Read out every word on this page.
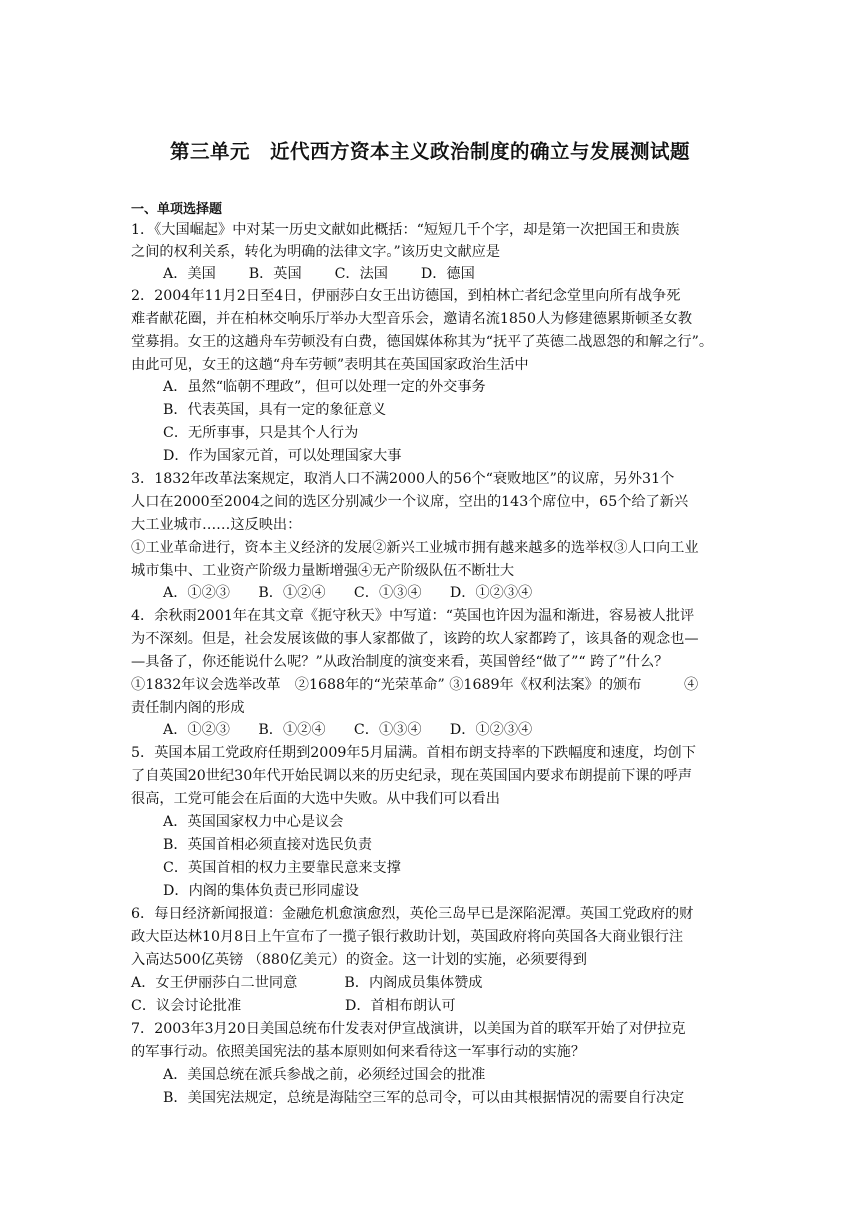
第三单元　近代西方资本主义政治制度的确立与发展测试题
一、单项选择题
1．《大国崛起》中对某一历史文献如此概括：“短短几千个字，却是第一次把国王和贵族
之间的权利关系，转化为明确的法律文字。”该历史文献应是
A．美国　　 B．英国　　 C．法国　　 D．德国
2．2004年11月2日至4日，伊丽莎白女王出访德国，到柏林亡者纪念堂里向所有战争死
难者献花圈，并在柏林交响乐厅举办大型音乐会，邀请名流1850人为修建德累斯顿圣女教
堂募捐。女王的这趟舟车劳顿没有白费，德国媒体称其为“抚平了英德二战恩怨的和解之行”。
由此可见，女王的这趟“舟车劳顿”表明其在英国国家政治生活中
A．虽然“临朝不理政”，但可以处理一定的外交事务
B．代表英国，具有一定的象征意义
C．无所事事，只是其个人行为
D．作为国家元首，可以处理国家大事
3．1832年改革法案规定，取消人口不满2000人的56个“衰败地区”的议席，另外31个
人口在2000至2004之间的选区分别减少一个议席，空出的143个席位中，65个给了新兴
大工业城市……这反映出：
①工业革命进行，资本主义经济的发展②新兴工业城市拥有越来越多的选举权③人口向工业
城市集中、工业资产阶级力量断增强④无产阶级队伍不断壮大
A．①②③　　B．①②④　　C．①③④　　D．①②③④
4．余秋雨2001年在其文章《扼守秋天》中写道：“英国也许因为温和渐进，容易被人批评
为不深刻。但是，社会发展该做的事人家都做了，该跨的坎人家都跨了，该具备的观念也—
—具备了，你还能说什么呢？”从政治制度的演变来看，英国曾经“做了”“ 跨了”什么？
①1832年议会选举改革　②1688年的“光荣革命” ③1689年《权利法案》的颁布　　　④
责任制内阁的形成
A．①②③　　B．①②④　　C．①③④　　D．①②③④
5．英国本届工党政府任期到2009年5月届满。首相布朗支持率的下跌幅度和速度，均创下
了自英国20世纪30年代开始民调以来的历史纪录，现在英国国内要求布朗提前下课的呼声
很高，工党可能会在后面的大选中失败。从中我们可以看出
A．英国国家权力中心是议会
B．英国首相必须直接对选民负责
C．英国首相的权力主要靠民意来支撑
D．内阁的集体负责已形同虚设
6．每日经济新闻报道：金融危机愈演愈烈，英伦三岛早已是深陷泥潭。英国工党政府的财
政大臣达林10月8日上午宣布了一揽子银行救助计划，英国政府将向英国各大商业银行注
入高达500亿英镑 （880亿美元）的资金。这一计划的实施，必须要得到
A．女王伊丽莎白二世同意　　　 B．内阁成员集体赞成
C．议会讨论批准　　　　　　　 D．首相布朗认可
7．2003年3月20日美国总统布什发表对伊宣战演讲，以美国为首的联军开始了对伊拉克
的军事行动。依照美国宪法的基本原则如何来看待这一军事行动的实施？
A．美国总统在派兵参战之前，必须经过国会的批准
B．美国宪法规定，总统是海陆空三军的总司令，可以由其根据情况的需要自行决定
